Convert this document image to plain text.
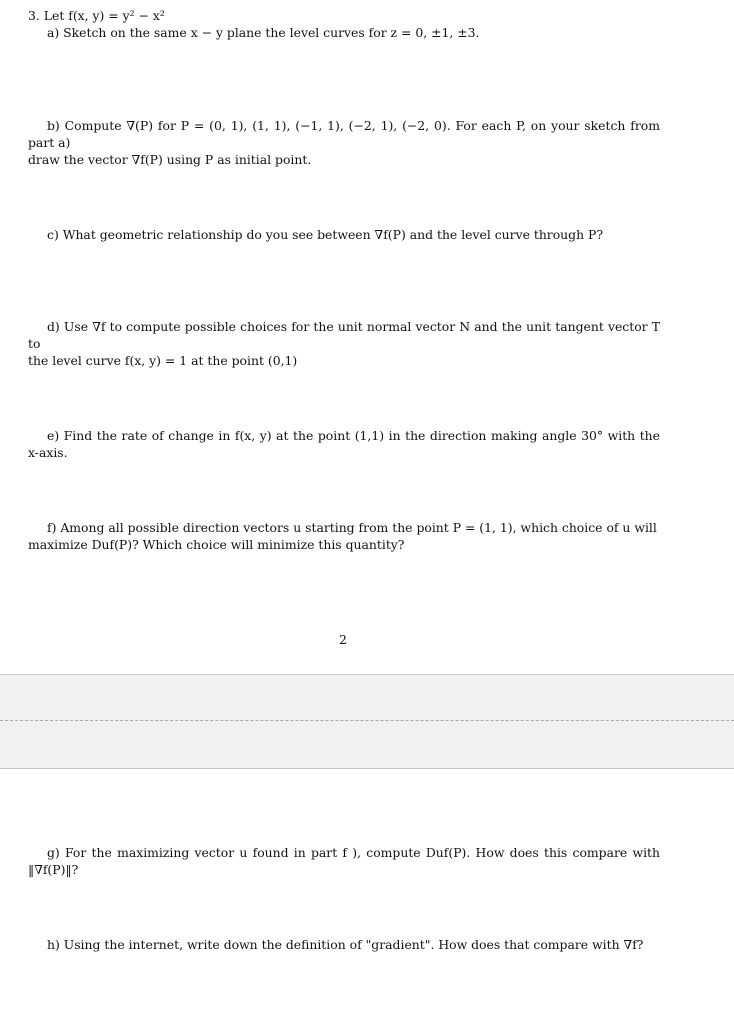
3. Let f(x, y) = y² − x²
a) Sketch on the same x − y plane the level curves for z = 0, ±1, ±3.
b) Compute ∇(P) for P = (0, 1), (1, 1), (−1, 1), (−2, 1), (−2, 0). For each P, on your sketch from part a)
draw the vector ∇f(P) using P as initial point.
c) What geometric relationship do you see between ∇f(P) and the level curve through P?
d) Use ∇f to compute possible choices for the unit normal vector N and the unit tangent vector T to
the level curve f(x, y) = 1 at the point (0,1)
e) Find the rate of change in f(x, y) at the point (1,1) in the direction making angle 30° with the x-axis.
f) Among all possible direction vectors u starting from the point P = (1, 1), which choice of u will
maximize Duf(P)? Which choice will minimize this quantity?
2
g) For the maximizing vector u found in part f ), compute Duf(P). How does this compare with ‖∇f(P)‖?
h) Using the internet, write down the definition of "gradient". How does that compare with ∇f?
